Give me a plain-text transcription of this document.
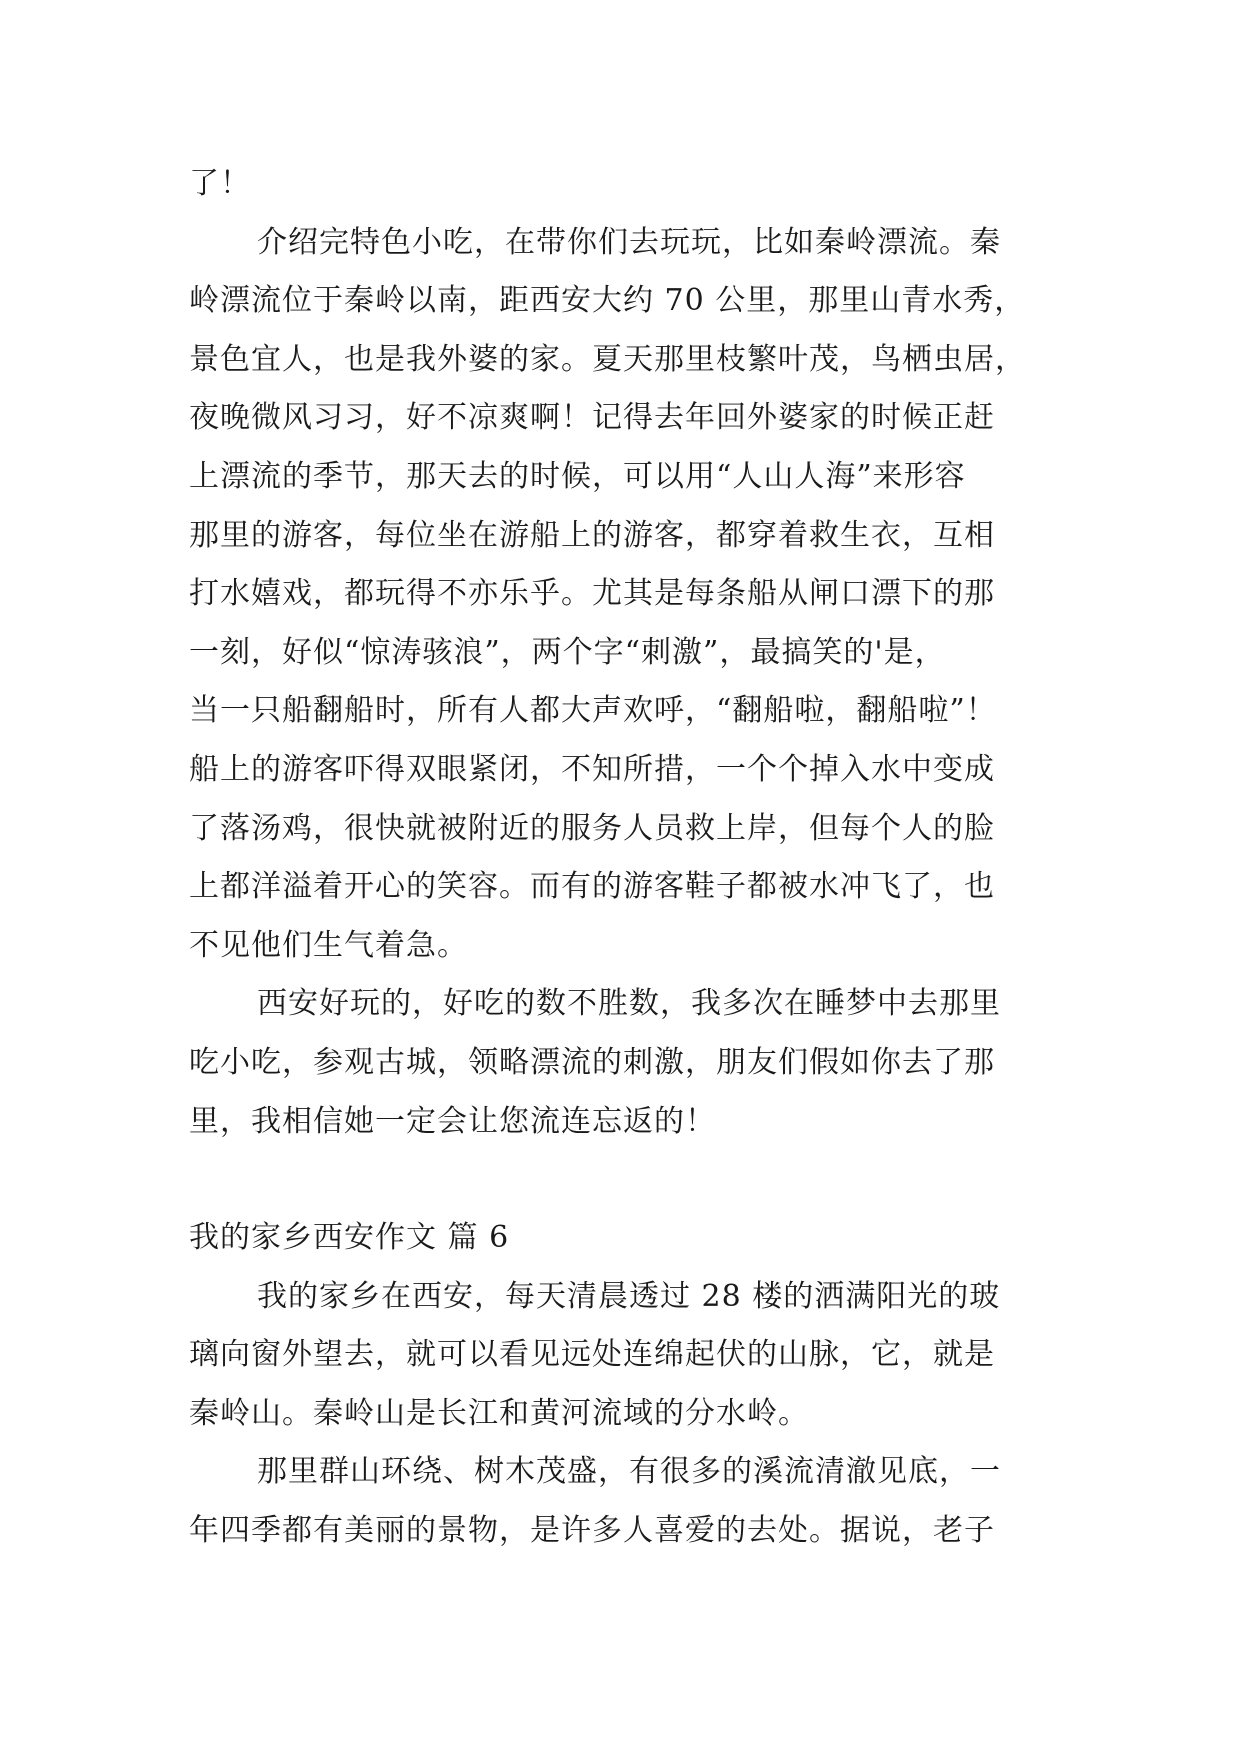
了！
介绍完特色小吃，在带你们去玩玩，比如秦岭漂流。秦
岭漂流位于秦岭以南，距西安大约 70 公里，那里山青水秀，
景色宜人，也是我外婆的家。夏天那里枝繁叶茂，鸟栖虫居，
夜晚微风习习，好不凉爽啊！记得去年回外婆家的时候正赶
上漂流的季节，那天去的时候，可以用“人山人海”来形容
那里的游客，每位坐在游船上的游客，都穿着救生衣，互相
打水嬉戏，都玩得不亦乐乎。尤其是每条船从闸口漂下的那
一刻，好似“惊涛骇浪”，两个字“刺激”，最搞笑的'是，
当一只船翻船时，所有人都大声欢呼，“翻船啦，翻船啦”！
船上的游客吓得双眼紧闭，不知所措，一个个掉入水中变成
了落汤鸡，很快就被附近的服务人员救上岸，但每个人的脸
上都洋溢着开心的笑容。而有的游客鞋子都被水冲飞了，也
不见他们生气着急。
西安好玩的，好吃的数不胜数，我多次在睡梦中去那里
吃小吃，参观古城，领略漂流的刺激，朋友们假如你去了那
里，我相信她一定会让您流连忘返的！
我的家乡西安作文 篇 6
我的家乡在西安，每天清晨透过 28 楼的洒满阳光的玻
璃向窗外望去，就可以看见远处连绵起伏的山脉，它，就是
秦岭山。秦岭山是长江和黄河流域的分水岭。
那里群山环绕、树木茂盛，有很多的溪流清澈见底，一
年四季都有美丽的景物，是许多人喜爱的去处。据说，老子
